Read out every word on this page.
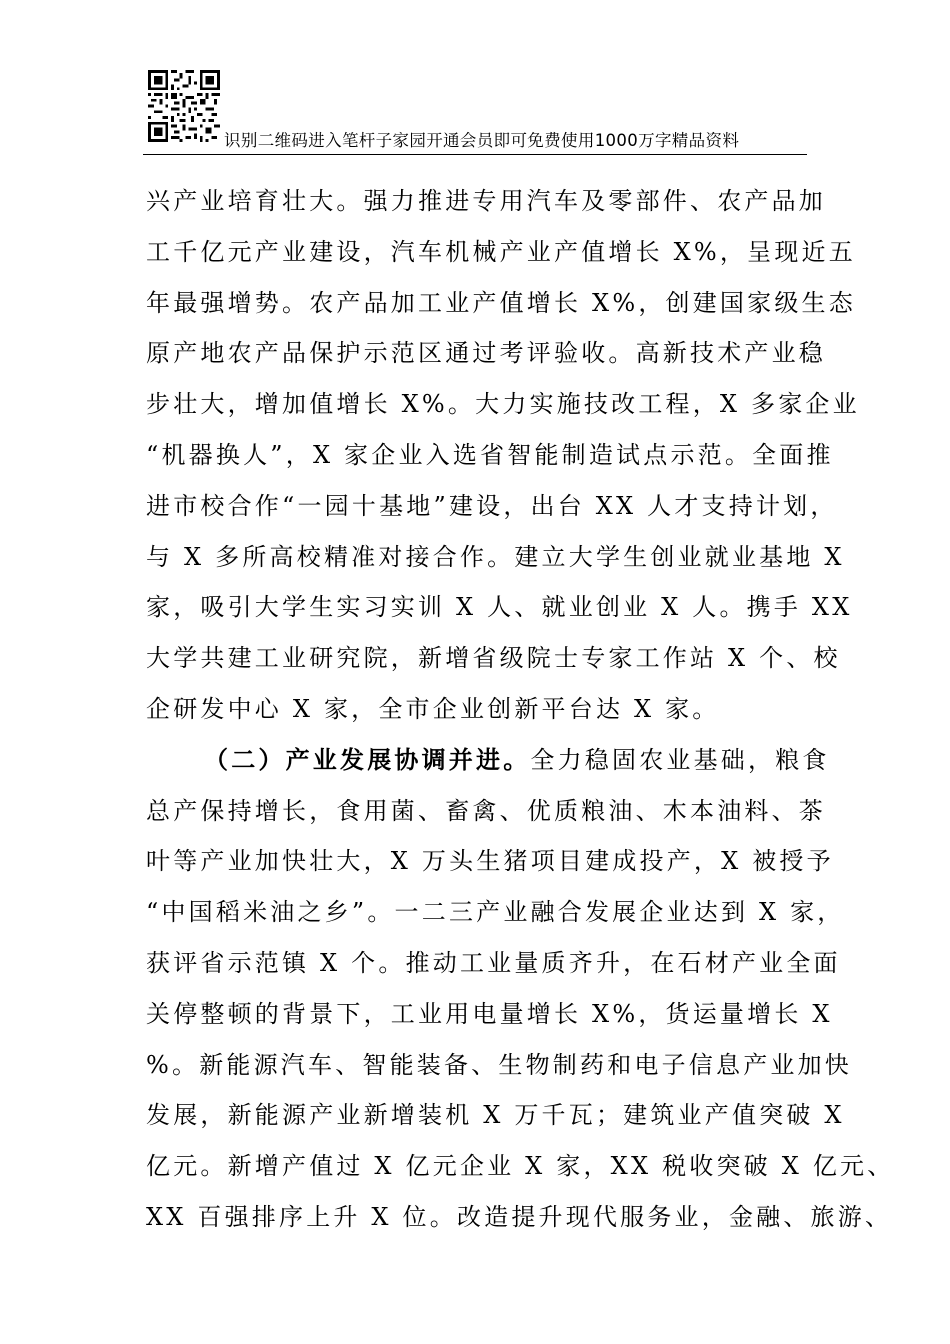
识别二维码进入笔杆子家园开通会员即可免费使用1000万字精品资料
兴产业培育壮大。强力推进专用汽车及零部件、农产品加
工千亿元产业建设，汽车机械产业产值增长 X%，呈现近五
年最强增势。农产品加工业产值增长 X%，创建国家级生态
原产地农产品保护示范区通过考评验收。高新技术产业稳
步壮大，增加值增长 X%。大力实施技改工程，X 多家企业
“机器换人”，X 家企业入选省智能制造试点示范。全面推
进市校合作“一园十基地”建设，出台 XX 人才支持计划，
与 X 多所高校精准对接合作。建立大学生创业就业基地 X
家，吸引大学生实习实训 X 人、就业创业 X 人。携手 XX
大学共建工业研究院，新增省级院士专家工作站 X 个、校
企研发中心 X 家，全市企业创新平台达 X 家。
（二）产业发展协调并进。全力稳固农业基础，粮食
总产保持增长，食用菌、畜禽、优质粮油、木本油料、茶
叶等产业加快壮大，X 万头生猪项目建成投产，X 被授予
“中国稻米油之乡”。一二三产业融合发展企业达到 X 家，
获评省示范镇 X 个。推动工业量质齐升，在石材产业全面
关停整顿的背景下，工业用电量增长 X%，货运量增长 X
%。新能源汽车、智能装备、生物制药和电子信息产业加快
发展，新能源产业新增装机 X 万千瓦；建筑业产值突破 X
亿元。新增产值过 X 亿元企业 X 家，XX 税收突破 X 亿元、
XX 百强排序上升 X 位。改造提升现代服务业，金融、旅游、
